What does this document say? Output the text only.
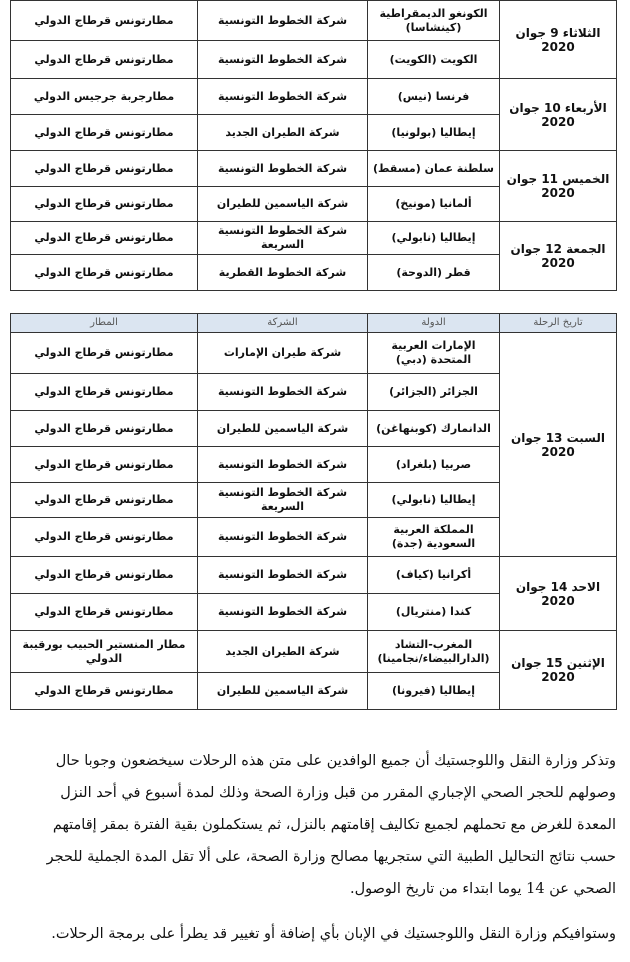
الثلاثاء 9 جوان 2020	الكونغو الديمقراطية (كينشاسا)	شركة الخطوط التونسية	مطارتونس قرطاج الدولي
	الكويت (الكويت)	شركة الخطوط التونسية	مطارتونس قرطاج الدولي
الأربعاء 10 جوان 2020	فرنسا (نيس)	شركة الخطوط التونسية	مطارجربة جرجيس الدولي
	إيطاليا (بولونيا)	شركة الطيران الجديد	مطارتونس قرطاج الدولي
الخميس 11 جوان 2020	سلطنة عمان (مسقط)	شركة الخطوط التونسية	مطارتونس قرطاج الدولي
	ألمانيا (مونيخ)	شركة الياسمين للطيران	مطارتونس قرطاج الدولي
الجمعة 12 جوان 2020	إيطاليا (نابولي)	شركة الخطوط التونسية السريعة	مطارتونس قرطاج الدولي
	قطر (الدوحة)	شركة الخطوط القطرية	مطارتونس قرطاج الدولي
تاريخ الرحلة	الدولة	الشركة	المطار
السبت 13 جوان 2020	الإمارات العربية المتحدة (دبي)	شركة طيران الإمارات	مطارتونس قرطاج الدولي
	الجزائر (الجزائر)	شركة الخطوط التونسية	مطارتونس قرطاج الدولي
	الدانمارك (كوبنهاغن)	شركة الياسمين للطيران	مطارتونس قرطاج الدولي
	صربيا (بلغراد)	شركة الخطوط التونسية	مطارتونس قرطاج الدولي
	إيطاليا (نابولي)	شركة الخطوط التونسية السريعة	مطارتونس قرطاج الدولي
	المملكة العربية السعودية (جدة)	شركة الخطوط التونسية	مطارتونس قرطاج الدولي
الاحد 14 جوان 2020	أكرانيا (كياف)	شركة الخطوط التونسية	مطارتونس قرطاج الدولي
	كندا (منتريال)	شركة الخطوط التونسية	مطارتونس قرطاج الدولي
الإثنين 15 جوان 2020	المغرب-التشاد (الدارالبيضاء/نجامينا)	شركة الطيران الجديد	مطار المنستير الحبيب بورقيبة الدولي
	إيطاليا (فيرونا)	شركة الياسمين للطيران	مطارتونس قرطاج الدولي

وتذكر وزارة النقل واللوجستيك أن جميع الوافدين على متن هذه الرحلات سيخضعون وجوبا حال وصولهم للحجر الصحي الإجباري المقرر من قبل وزارة الصحة وذلك لمدة أسبوع في أحد النزل المعدة للغرض مع تحملهم لجميع تكاليف إقامتهم بالنزل، ثم يستكملون بقية الفترة بمقر إقامتهم حسب نتائج التحاليل الطبية التي ستجريها مصالح وزارة الصحة، على ألا تقل المدة الجملية للحجر الصحي عن 14 يوما ابتداء من تاريخ الوصول.

وستوافيكم وزارة النقل واللوجستيك في الإبان بأي إضافة أو تغيير قد يطرأ على برمجة الرحلات.
